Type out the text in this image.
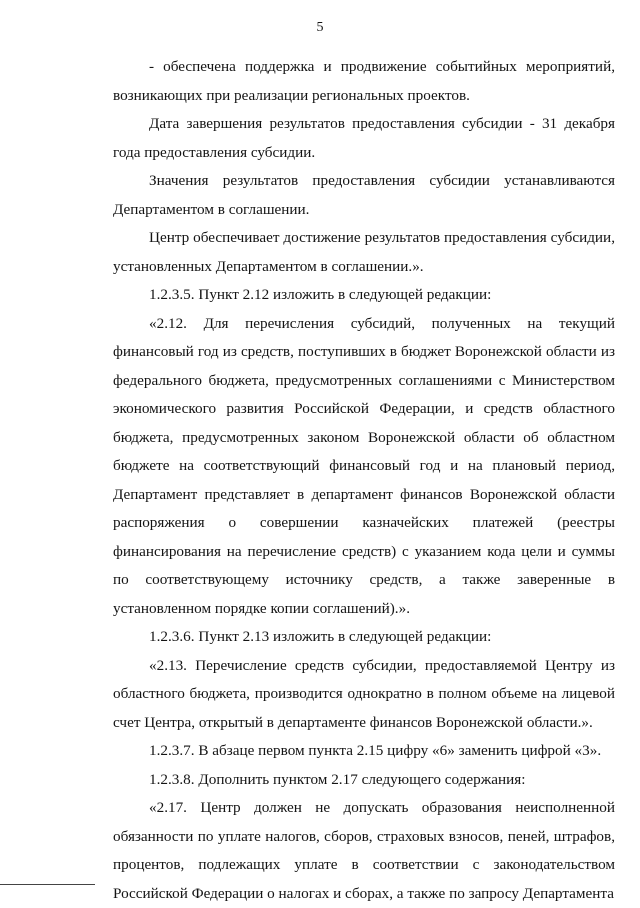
5

- обеспечена поддержка и продвижение событийных мероприятий, возникающих при реализации региональных проектов.

Дата завершения результатов предоставления субсидии - 31 декабря года предоставления субсидии.

Значения результатов предоставления субсидии устанавливаются Департаментом в соглашении.

Центр обеспечивает достижение результатов предоставления субсидии, установленных Департаментом в соглашении.».

1.2.3.5. Пункт 2.12 изложить в следующей редакции:

«2.12. Для перечисления субсидий, полученных на текущий финансовый год из средств, поступивших в бюджет Воронежской области из федерального бюджета, предусмотренных соглашениями с Министерством экономического развития Российской Федерации, и средств областного бюджета, предусмотренных законом Воронежской области об областном бюджете на соответствующий финансовый год и на плановый период, Департамент представляет в департамент финансов Воронежской области распоряжения о совершении казначейских платежей (реестры финансирования на перечисление средств) с указанием кода цели и суммы по соответствующему источнику средств, а также заверенные в установленном порядке копии соглашений).».

1.2.3.6. Пункт 2.13 изложить в следующей редакции:

«2.13. Перечисление средств субсидии, предоставляемой Центру из областного бюджета, производится однократно в полном объеме на лицевой счет Центра, открытый в департаменте финансов Воронежской области.».

1.2.3.7. В абзаце первом пункта 2.15 цифру «6» заменить цифрой «3».

1.2.3.8. Дополнить пунктом 2.17 следующего содержания:

«2.17. Центр должен не допускать образования неисполненной обязанности по уплате налогов, сборов, страховых взносов, пеней, штрафов, процентов, подлежащих уплате в соответствии с законодательством Российской Федерации о налогах и сборах, а также по запросу Департамента
